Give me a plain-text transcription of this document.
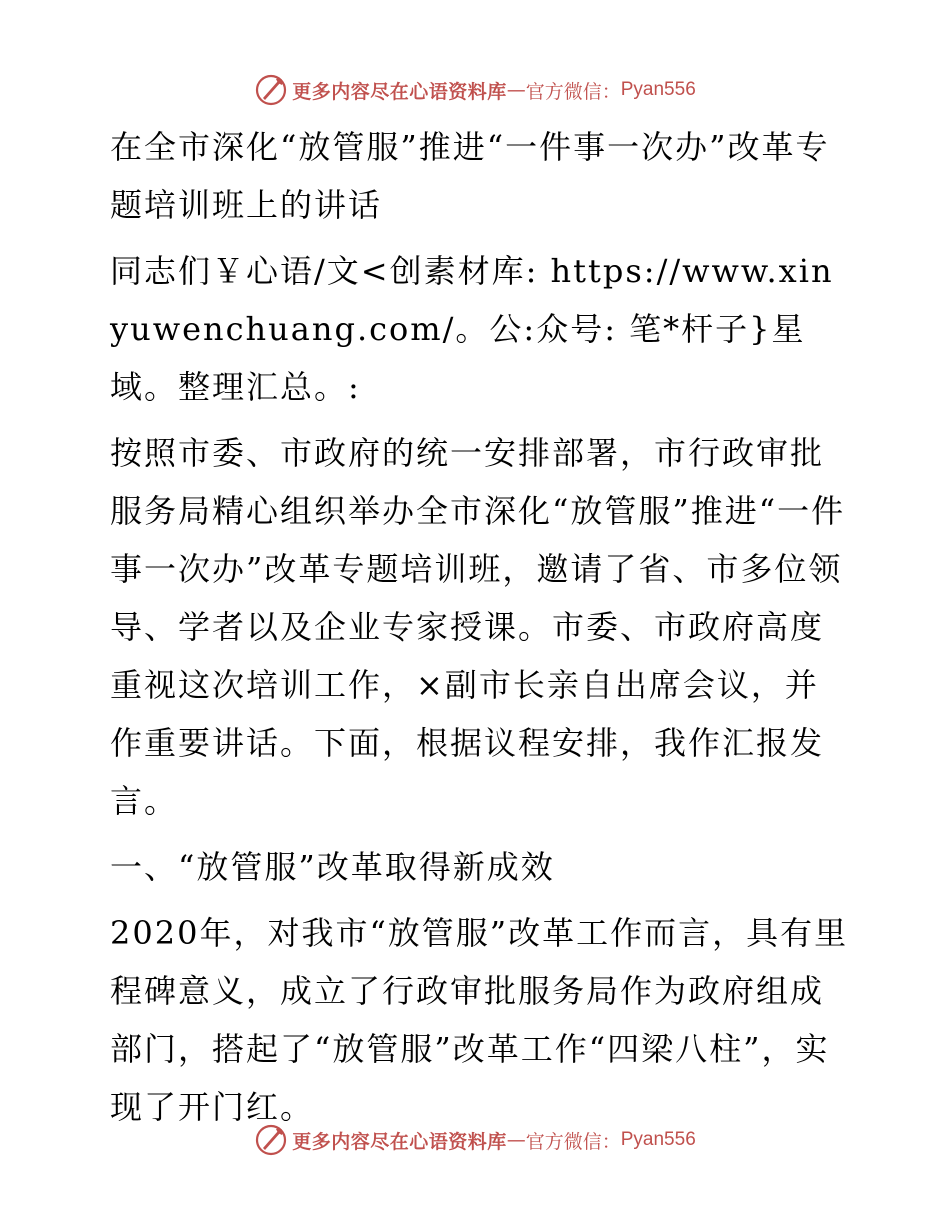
更多内容尽在心语资料库 — 官方微信： Pyan556

在全市深化“放管服”推进“一件事一次办”改革专题培训班上的讲话

同志们￥心语/文<创素材库: https://www.xinyuwenchuang.com/。公:众号: 笔*杆子}星域。整理汇总。:

按照市委、市政府的统一安排部署，市行政审批服务局精心组织举办全市深化“放管服”推进“一件事一次办”改革专题培训班，邀请了省、市多位领导、学者以及企业专家授课。市委、市政府高度重视这次培训工作，×副市长亲自出席会议，并作重要讲话。下面，根据议程安排，我作汇报发言。

一、“放管服”改革取得新成效

2020年，对我市“放管服”改革工作而言，具有里程碑意义，成立了行政审批服务局作为政府组成部门，搭起了“放管服”改革工作“四梁八柱”，实现了开门红。

更多内容尽在心语资料库 — 官方微信： Pyan556
